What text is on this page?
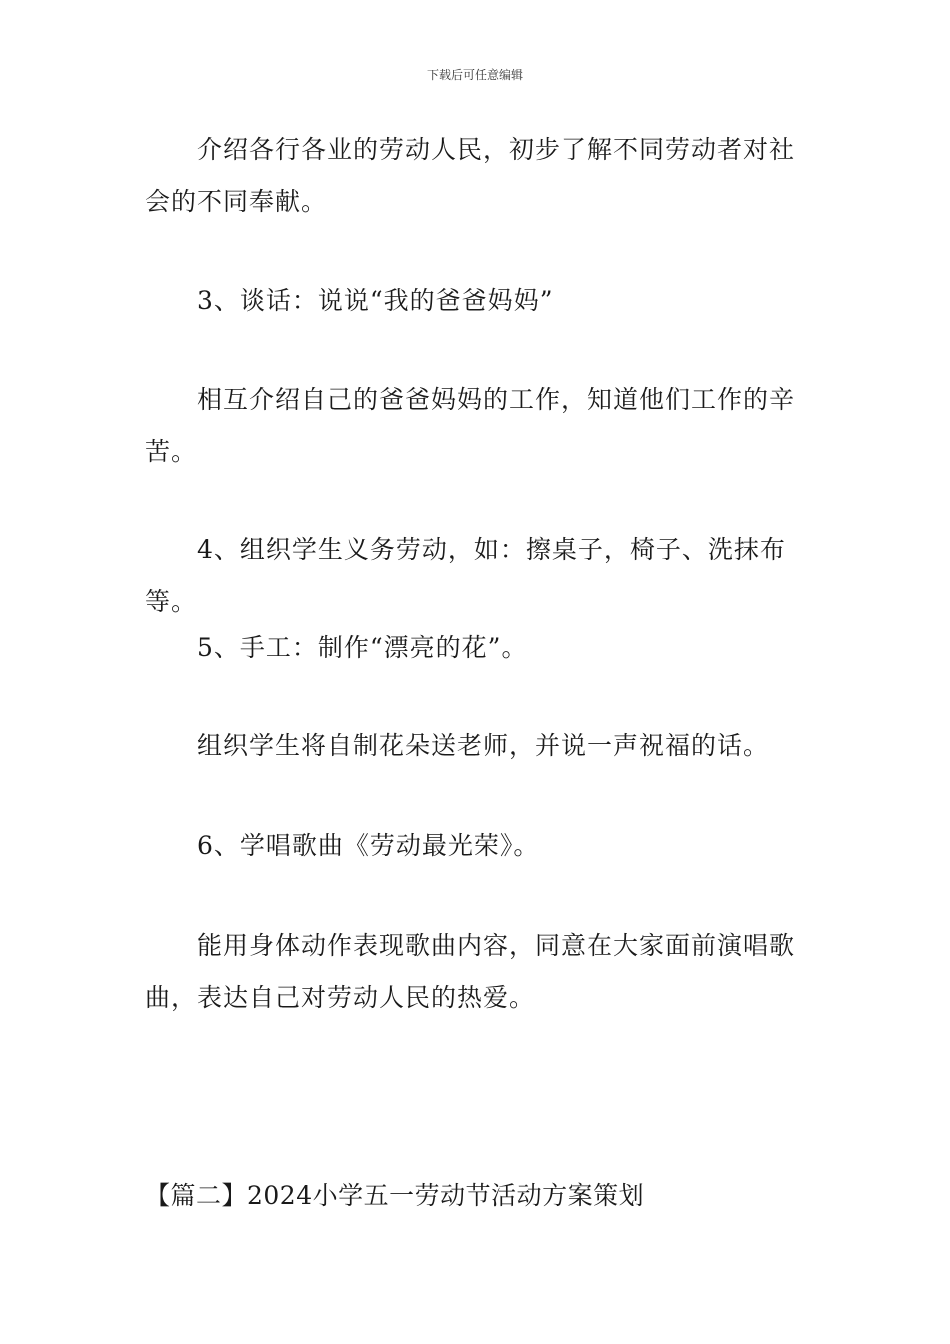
下载后可任意编辑

介绍各行各业的劳动人民，初步了解不同劳动者对社会的不同奉献。

3、谈话：说说“我的爸爸妈妈”

相互介绍自己的爸爸妈妈的工作，知道他们工作的辛苦。

4、组织学生义务劳动，如：擦桌子，椅子、洗抹布等。

5、手工：制作“漂亮的花”。

组织学生将自制花朵送老师，并说一声祝福的话。

6、学唱歌曲《劳动最光荣》。

能用身体动作表现歌曲内容，同意在大家面前演唱歌曲，表达自己对劳动人民的热爱。

【篇二】2024小学五一劳动节活动方案策划
